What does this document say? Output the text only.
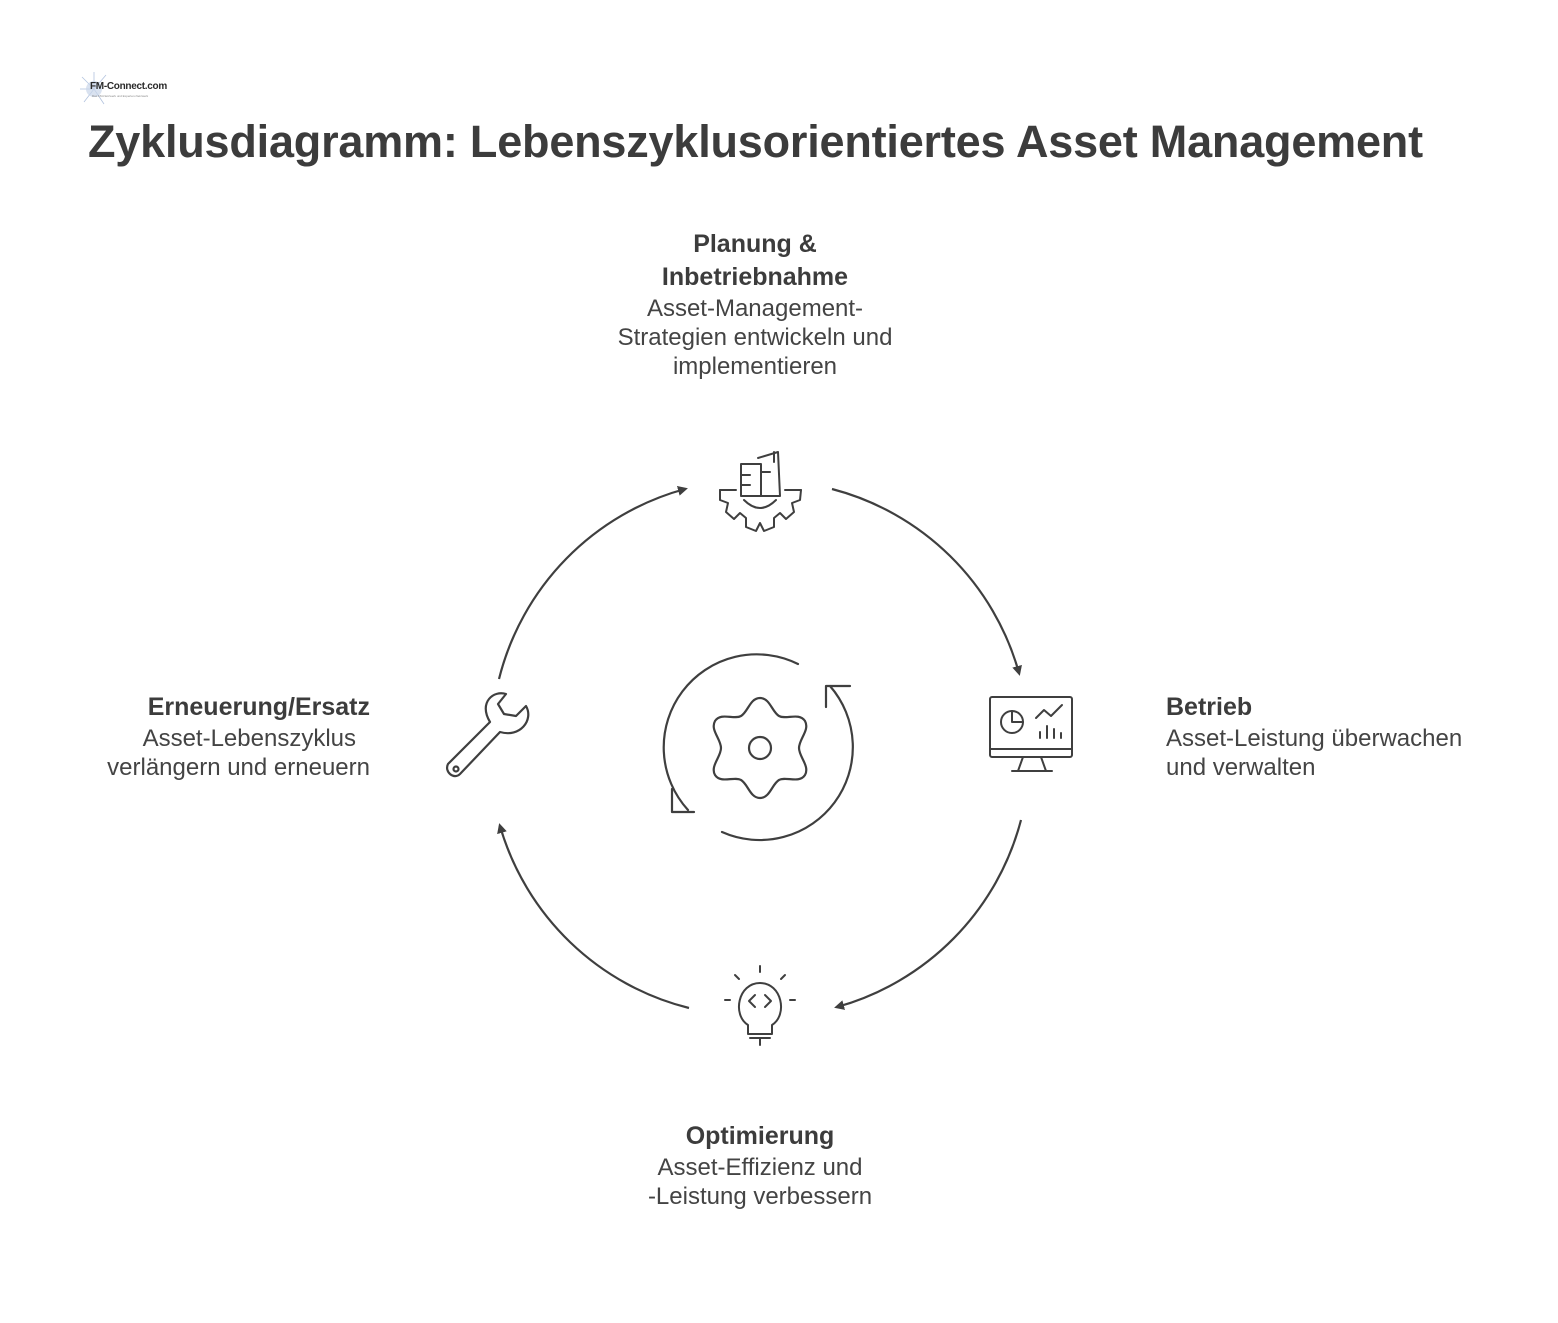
FM-Connect.com
Das FM-Netzwerk und Experten-Netzwerk
Zyklusdiagramm: Lebenszyklusorientiertes Asset Management
Planung &
Inbetriebnahme
Asset-Management-
Strategien entwickeln und
implementieren
Betrieb
Asset-Leistung überwachen
und verwalten
Optimierung
Asset-Effizienz und
-Leistung verbessern
Erneuerung/Ersatz
Asset-Lebenszyklus
verlängern und erneuern
